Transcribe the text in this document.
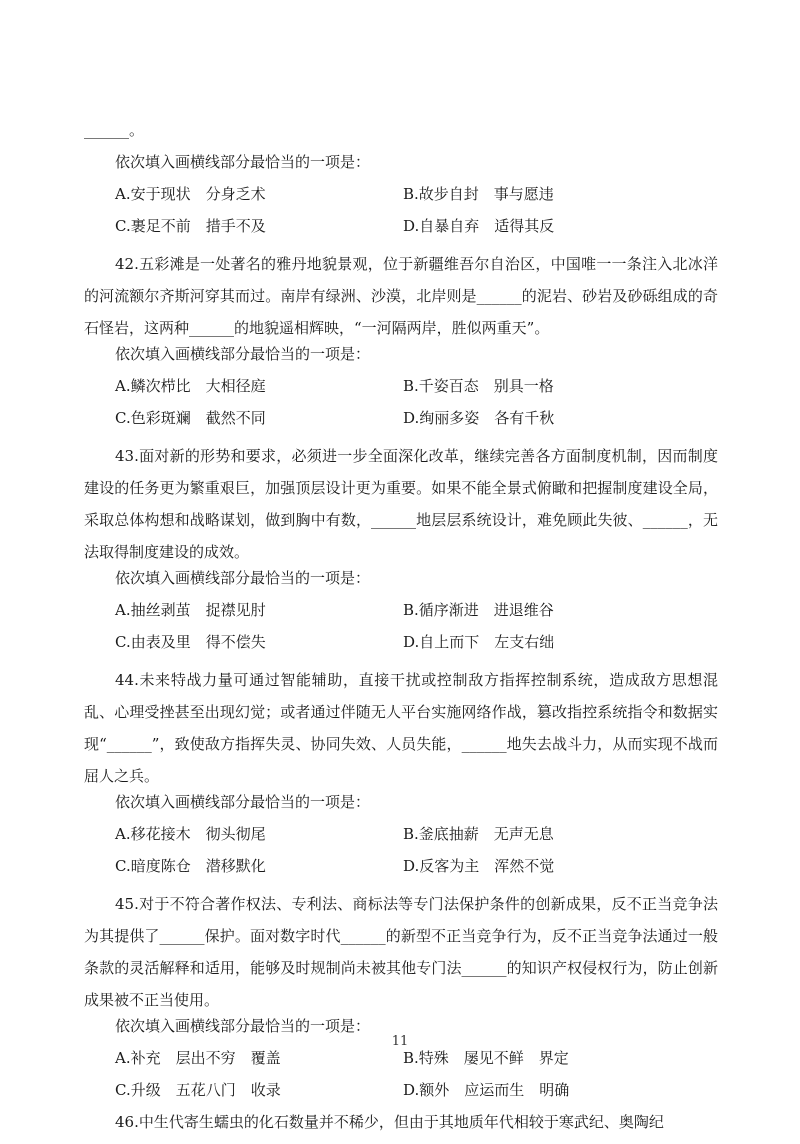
______。
依次填入画横线部分最恰当的一项是：
A.安于现状　分身乏术	B.故步自封　事与愿违
C.裹足不前　措手不及	D.自暴自弃　适得其反
42.五彩滩是一处著名的雅丹地貌景观，位于新疆维吾尔自治区，中国唯一一条注入北冰洋的河流额尔齐斯河穿其而过。南岸有绿洲、沙漠，北岸则是______的泥岩、砂岩及砂砾组成的奇石怪岩，这两种______的地貌遥相辉映，“一河隔两岸，胜似两重天”。
依次填入画横线部分最恰当的一项是：
A.鳞次栉比　大相径庭	B.千姿百态　别具一格
C.色彩斑斓　截然不同	D.绚丽多姿　各有千秋
43.面对新的形势和要求，必须进一步全面深化改革，继续完善各方面制度机制，因而制度建设的任务更为繁重艰巨，加强顶层设计更为重要。如果不能全景式俯瞰和把握制度建设全局，采取总体构想和战略谋划，做到胸中有数，______地层层系统设计，难免顾此失彼、______，无法取得制度建设的成效。
依次填入画横线部分最恰当的一项是：
A.抽丝剥茧　捉襟见肘	B.循序渐进　进退维谷
C.由表及里　得不偿失	D.自上而下　左支右绌
44.未来特战力量可通过智能辅助，直接干扰或控制敌方指挥控制系统，造成敌方思想混乱、心理受挫甚至出现幻觉；或者通过伴随无人平台实施网络作战，篡改指控系统指令和数据实现“______”，致使敌方指挥失灵、协同失效、人员失能，______地失去战斗力，从而实现不战而屈人之兵。
依次填入画横线部分最恰当的一项是：
A.移花接木　彻头彻尾	B.釜底抽薪　无声无息
C.暗度陈仓　潜移默化	D.反客为主　浑然不觉
45.对于不符合著作权法、专利法、商标法等专门法保护条件的创新成果，反不正当竞争法为其提供了______保护。面对数字时代______的新型不正当竞争行为，反不正当竞争法通过一般条款的灵活解释和适用，能够及时规制尚未被其他专门法______的知识产权侵权行为，防止创新成果被不正当使用。
依次填入画横线部分最恰当的一项是：
A.补充　层出不穷　覆盖	B.特殊　屡见不鲜　界定
C.升级　五花八门　收录	D.额外　应运而生　明确
46.中生代寄生蠕虫的化石数量并不稀少，但由于其地质年代相较于寒武纪、奥陶纪
11
